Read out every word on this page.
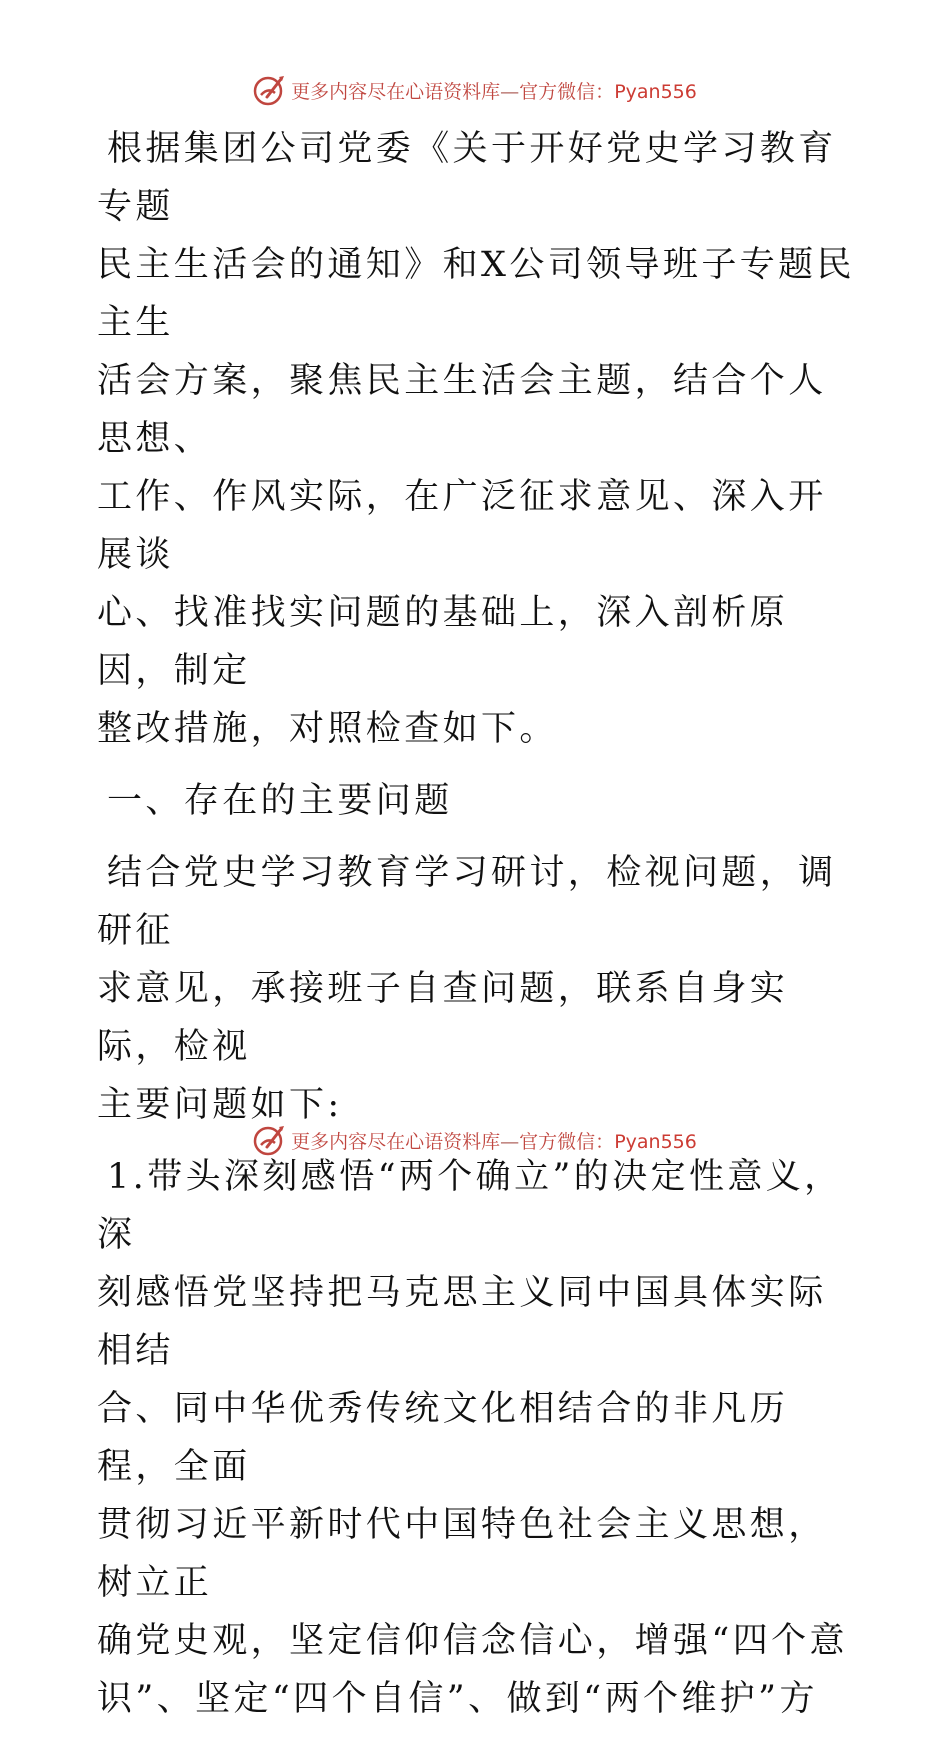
更多内容尽在心语资料库—官方微信：Pyan556

根据集团公司党委《关于开好党史学习教育专题
民主生活会的通知》和X公司领导班子专题民主生
活会方案，聚焦民主生活会主题，结合个人思想、
工作、作风实际，在广泛征求意见、深入开展谈
心、找准找实问题的基础上，深入剖析原因，制定
整改措施，对照检查如下。

一、存在的主要问题

结合党史学习教育学习研讨，检视问题，调研征
求意见，承接班子自查问题，联系自身实际，检视
主要问题如下:

1.带头深刻感悟“两个确立”的决定性意义，深
刻感悟党坚持把马克思主义同中国具体实际相结
合、同中华优秀传统文化相结合的非凡历程，全面
贯彻习近平新时代中国特色社会主义思想，树立正
确党史观，坚定信仰信念信心，增强“四个意
识”、坚定“四个自信”、做到“两个维护”方

更多内容尽在心语资料库—官方微信：Pyan556
